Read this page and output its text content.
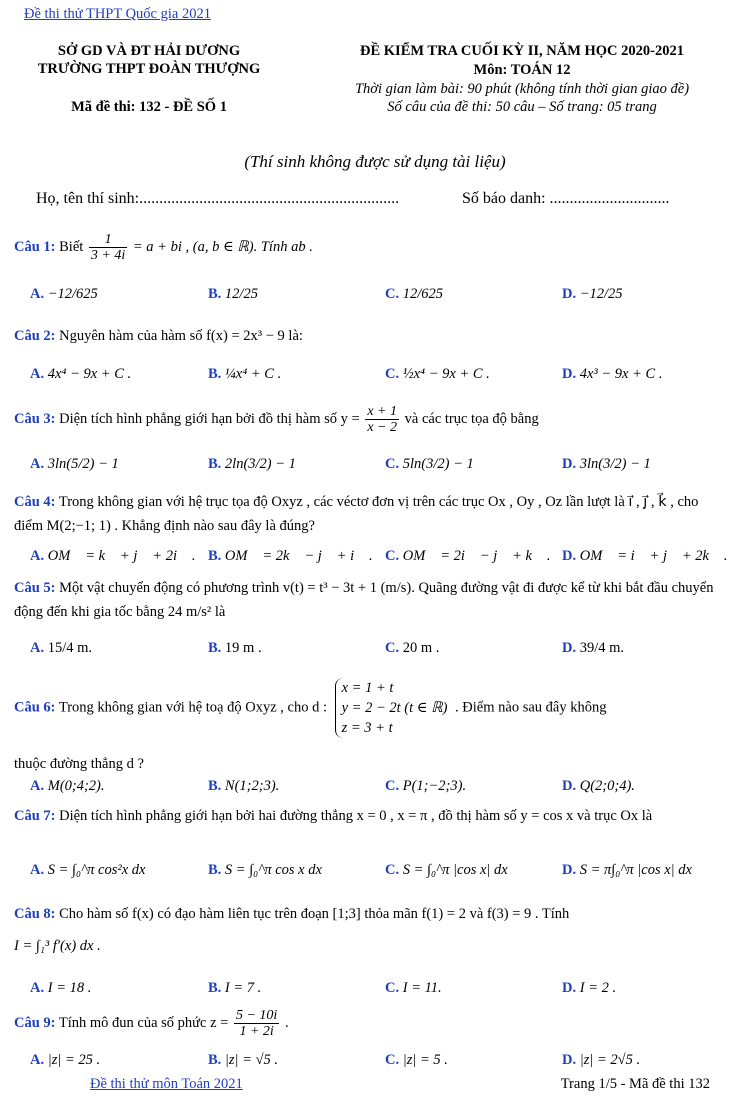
Đề thi thử THPT Quốc gia 2021
SỞ GD VÀ ĐT HẢI DƯƠNG
TRƯỜNG THPT ĐOÀN THƯỢNG
Mã đề thi: 132 - ĐỀ SỐ 1
ĐỀ KIỂM TRA CUỐI KỲ II, NĂM HỌC 2020-2021
Môn: TOÁN 12
Thời gian làm bài: 90 phút (không tính thời gian giao đề)
Số câu của đề thi: 50 câu – Số trang: 05 trang
(Thí sinh không được sử dụng tài liệu)
Họ, tên thí sinh:.................................................................	Số báo danh: ..............................
Câu 1: Biết $\frac{1}{3 + 4i} = a$ + bi , (a, b ∈ ℝ). Tính ab .
A. −12/625	B. 12/25	C. 12/625	D. −12/25
Câu 2: Nguyên hàm của hàm số f(x) = 2x³ − 9 là:
A. 4x⁴ − 9x + C .	B. ¼x⁴ + C .	C. ½x⁴ − 9x + C .	D. 4x³ − 9x + C .
Câu 3: Diện tích hình phẳng giới hạn bởi đồ thị hàm số $y = \frac{x + 1}{x - 2}$ và các trục tọa độ bằng
A. 3ln(5/2) − 1	B. 2ln(3/2) − 1	C. 5ln(3/2) − 1	D. 3ln(3/2) − 1
Câu 4: Trong không gian với hệ trục tọa độ Oxyz , các véctơ đơn vị trên các trục Ox , Oy , Oz lần lượt là i⃗ , j⃗ , k⃗ , cho điểm M(2;−1; 1) . Khẳng định nào sau đây là đúng?
A. OM⃗ = k⃗ + j⃗ + 2i⃗ . B. OM⃗ = 2k⃗ − j⃗ + i⃗ . C. OM⃗ = 2i⃗ − j⃗ + k⃗ . D. OM⃗ = i⃗ + j⃗ + 2k⃗ .
Câu 5: Một vật chuyển động có phương trình v(t) = t³ − 3t + 1 (m/s). Quãng đường vật đi được kể từ khi bắt đầu chuyển động đến khi gia tốc bằng 24 m/s² là
A. 15/4 m.	B. 19 m .	C. 20 m .	D. 39/4 m.
Câu 6: Trong không gian với hệ toạ độ Oxyz , cho d :
x = 1 + t
y = 2 − 2t (t ∈ ℝ)
z = 3 + t
. Điểm nào sau đây không
thuộc đường thẳng d ?
A. M(0;4;2).	B. N(1;2;3).	C. P(1;−2;3).	D. Q(2;0;4).
Câu 7: Diện tích hình phẳng giới hạn bởi hai đường thẳng x = 0 , x = π , đồ thị hàm số y = cos x và trục Ox là
A. S = ∫₀^π cos²x dx	B. S = ∫₀^π cos x dx	C. S = ∫₀^π |cos x| dx	D. S = π∫₀^π |cos x| dx
Câu 8: Cho hàm số f(x) có đạo hàm liên tục trên đoạn [1;3] thỏa mãn f(1) = 2 và f(3) = 9 . Tính
I = ∫₁³ f′(x) dx .
A. I = 18 .	B. I = 7 .	C. I = 11.	D. I = 2 .
Câu 9: Tính mô đun của số phức $z = \frac{5 - 10i}{1 + 2i}$ .
A. |z| = 25 .	B. |z| = √5 .	C. |z| = 5 .	D. |z| = 2√5 .
Đề thi thử môn Toán 2021	Trang 1/5 - Mã đề thi 132
